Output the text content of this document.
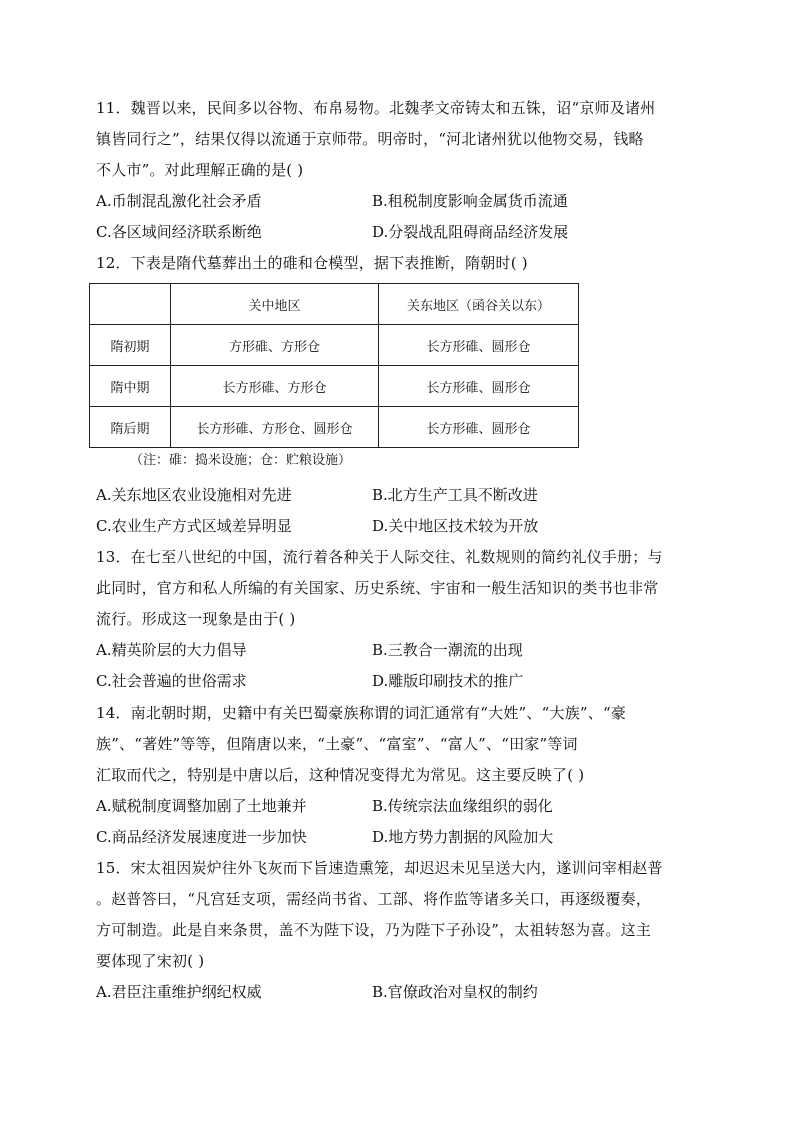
11．魏晋以来，民间多以谷物、布帛易物。北魏孝文帝铸太和五铢，诏“京师及诸州
镇皆同行之”，结果仅得以流通于京师带。明帝时，“河北诸州犹以他物交易，钱略
不人市”。对此理解正确的是( )
A.币制混乱激化社会矛盾	B.租税制度影响金属货币流通
C.各区域间经济联系断绝	D.分裂战乱阻碍商品经济发展
12．下表是隋代墓葬出土的碓和仓模型，据下表推断，隋朝时( )
	关中地区	关东地区（函谷关以东）
隋初期	方形碓、方形仓	长方形碓、圆形仓
隋中期	长方形碓、方形仓	长方形碓、圆形仓
隋后期	长方形碓、方形仓、圆形仓	长方形碓、圆形仓
（注：碓：捣米设施；仓：贮粮设施）
A.关东地区农业设施相对先进	B.北方生产工具不断改进
C.农业生产方式区域差异明显	D.关中地区技术较为开放
13．在七至八世纪的中国，流行着各种关于人际交往、礼数规则的简约礼仪手册；与
此同时，官方和私人所编的有关国家、历史系统、宇宙和一般生活知识的类书也非常
流行。形成这一现象是由于( )
A.精英阶层的大力倡导	B.三教合一潮流的出现
C.社会普遍的世俗需求	D.雕版印刷技术的推广
14．南北朝时期，史籍中有关巴蜀豪族称谓的词汇通常有“大姓”、“大族”、“豪
族”、“著姓”等等，但隋唐以来，“土豪”、“富室”、“富人”、“田家”等词
汇取而代之，特别是中唐以后，这种情况变得尤为常见。这主要反映了( )
A.赋税制度调整加剧了土地兼并	B.传统宗法血缘组织的弱化
C.商品经济发展速度进一步加快	D.地方势力割据的风险加大
15．宋太祖因炭炉往外飞灰而下旨速造熏笼，却迟迟未见呈送大内，遂训问宰相赵普
。赵普答曰，“凡宫廷支项，需经尚书省、工部、将作监等诸多关口，再逐级覆奏，
方可制造。此是自来条贯，盖不为陛下设，乃为陛下子孙设”，太祖转怒为喜。这主
要体现了宋初( )
A.君臣注重维护纲纪权威	B.官僚政治对皇权的制约
